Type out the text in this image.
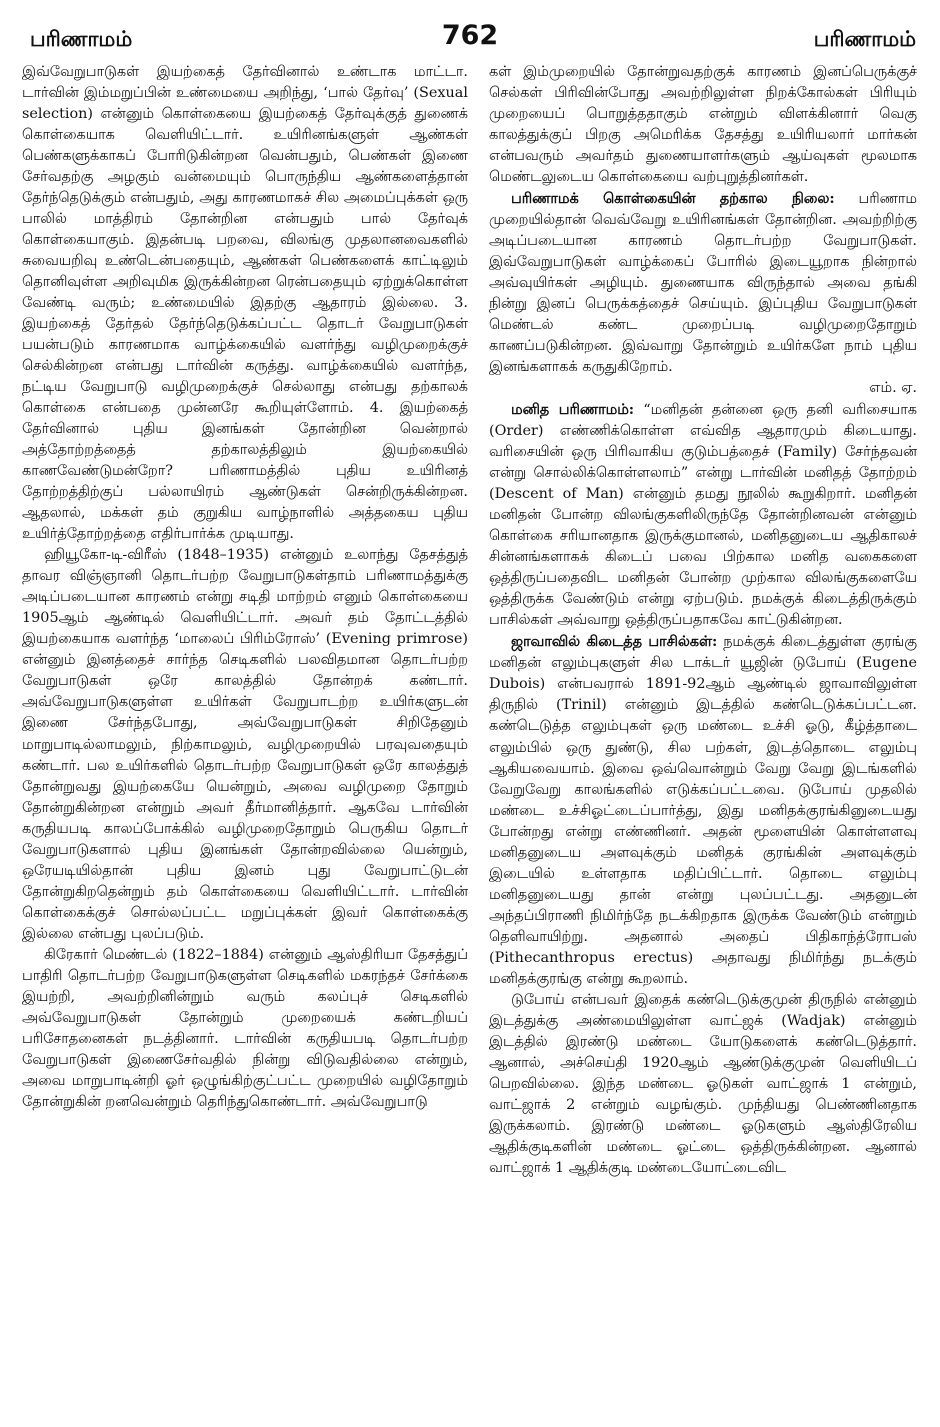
பரிணாமம்	762	பரிணாமம்

இவ்வேறுபாடுகள் இயற்கைத் தேர்வினால் உண்டாக மாட்டா. டார்வின் இம்மறுப்பின் உண்மையை அறிந்து, ‘பால் தேர்வு’ (Sexual selection) என்னும் கொள்கையை இயற்கைத் தேர்வுக்குத் துணைக் கொள்கையாக வெளியிட்டார். உயிரினங்களுள் ஆண்கள் பெண்களுக்காகப் போரிடுகின்றன வென்பதும், பெண்கள் இணை சேர்வதற்கு அழகும் வன்மையும் பொருந்திய ஆண்களைத்தான் தேர்ந்தெடுக்கும் என்பதும், அது காரணமாகச் சில அமைப்புக்கள் ஒரு பாலில் மாத்திரம் தோன்றின என்பதும் பால் தேர்வுக் கொள்கையாகும். இதன்படி பறவை, விலங்கு முதலானவைகளில் சுவையறிவு உண்டென்பதையும், ஆண்கள் பெண்களைக் காட்டிலும் தொனிவுள்ள அறிவுமிக இருக்கின்றன ரென்பதையும் ஏற்றுக்கொள்ள வேண்டி வரும்; உண்மையில் இதற்கு ஆதாரம் இல்லை. 3. இயற்கைத் தேர்தல் தேர்ந்தெடுக்கப்பட்ட தொடர் வேறுபாடுகள் பயன்படும் காரணமாக வாழ்க்கையில் வளர்ந்து வழிமுறைக்குச் செல்கின்றன என்பது டார்வின் கருத்து. வாழ்க்கையில் வளர்ந்த, நட்டிய வேறுபாடு வழிமுறைக்குச் செல்லாது என்பது தற்காலக் கொள்கை என்பதை முன்னரே கூறியுள்ளோம். 4. இயற்கைத் தேர்வினால் புதிய இனங்கள் தோன்றின வென்றால் அத்தோற்றத்தைத் தற்காலத்திலும் இயற்கையில் காணவேண்டுமன்றோ? பரிணாமத்தில் புதிய உயிரினத் தோற்றத்திற்குப் பல்லாயிரம் ஆண்டுகள் சென்றிருக்கின்றன. ஆதலால், மக்கள் தம் குறுகிய வாழ்நாளில் அத்தகைய புதிய உயிர்த்தோற்றத்தை எதிர்பார்க்க முடியாது.

ஹியூகோ-டி-விரீஸ் (1848–1935) என்னும் உலாந்து தேசத்துத் தாவர விஞ்ஞானி தொடர்பற்ற வேறுபாடுகள்தாம் பரிணாமத்துக்கு அடிப்படையான காரணம் என்று சடிதி மாற்றம் எனும் கொள்கையை 1905ஆம் ஆண்டில் வெளியிட்டார். அவர் தம் தோட்டத்தில் இயற்கையாக வளர்ந்த ‘மாலைப் பிரிம்ரோஸ்’ (Evening primrose) என்னும் இனத்தைச் சார்ந்த செடிகளில் பலவிதமான தொடர்பற்ற வேறுபாடுகள் ஒரே காலத்தில் தோன்றக் கண்டார். அவ்வேறுபாடுகளுள்ள உயிர்கள் வேறுபாடற்ற உயிர்களுடன் இணை சேர்ந்தபோது, அவ்வேறுபாடுகள் சிறிதேனும் மாறுபாடில்லாமலும், நிற்காமலும், வழிமுறையில் பரவுவதையும் கண்டார். பல உயிர்களில் தொடர்பற்ற வேறுபாடுகள் ஒரே காலத்துத் தோன்றுவது இயற்கையே யென்றும், அவை வழிமுறை தோறும் தோன்றுகின்றன என்றும் அவர் தீர்மானித்தார். ஆகவே டார்வின் கருதியபடி காலப்போக்கில் வழிமுறைதோறும் பெருகிய தொடர் வேறுபாடுகளால் புதிய இனங்கள் தோன்றவில்லை யென்றும், ஒரேயடியில்தான் புதிய இனம் புது வேறுபாட்டுடன் தோன்றுகிறதென்றும் தம் கொள்கையை வெளியிட்டார். டார்வின் கொள்கைக்குச் சொல்லப்பட்ட மறுப்புக்கள் இவர் கொள்கைக்கு இல்லை என்பது புலப்படும்.

கிரேகார் மெண்டல் (1822–1884) என்னும் ஆஸ்திரியா தேசத்துப் பாதிரி தொடர்பற்ற வேறுபாடுகளுள்ள செடிகளில் மகரந்தச் சேர்க்கை இயற்றி, அவற்றினின்றும் வரும் கலப்புச் செடிகளில் அவ்வேறுபாடுகள் தோன்றும் முறையைக் கண்டறியப் பரிசோதனைகள் நடத்தினார். டார்வின் கருதியபடி தொடர்பற்ற வேறுபாடுகள் இணைசேர்வதில் நின்று விடுவதில்லை என்றும், அவை மாறுபாடின்றி ஓர் ஒழுங்கிற்குட்பட்ட முறையில் வழிதோறும் தோன்றுகின் றனவென்றும் தெரிந்துகொண்டார். அவ்வேறுபாடு

கள் இம்முறையில் தோன்றுவதற்குக் காரணம் இனப்பெருக்குச் செல்கள் பிரிவின்போது அவற்றிலுள்ள நிறக்கோல்கள் பிரியும் முறையைப் பொறுத்ததாகும் என்றும் விளக்கினார் வெகு காலத்துக்குப் பிறகு அமெரிக்க தேசத்து உயிரியலார் மார்கன் என்பவரும் அவர்தம் துணையாளர்களும் ஆய்வுகள் மூலமாக மெண்டலுடைய கொள்கையை வற்புறுத்தினர்கள்.

பரிணாமக் கொள்கையின் தற்கால நிலை: பரிணாம முறையில்தான் வெவ்வேறு உயிரினங்கள் தோன்றின. அவற்றிற்கு அடிப்படையான காரணம் தொடர்பற்ற வேறுபாடுகள். இவ்வேறுபாடுகள் வாழ்க்கைப் போரில் இடையூறாக நின்றால் அவ்வுயிர்கள் அழியும். துணையாக விருந்தால் அவை தங்கி நின்று இனப் பெருக்கத்தைச் செய்யும். இப்புதிய வேறுபாடுகள் மெண்டல் கண்ட முறைப்படி வழிமுறைதோறும் காணப்படுகின்றன. இவ்வாறு தோன்றும் உயிர்களே நாம் புதிய இனங்களாகக் கருதுகிறோம்.

எம். ஏ.

மனித பரிணாமம்: “மனிதன் தன்னை ஒரு தனி வரிசையாக (Order) எண்ணிக்கொள்ள எவ்வித ஆதாரமும் கிடையாது. வரிசையின் ஒரு பிரிவாகிய குடும்பத்தைச் (Family) சேர்ந்தவன் என்று சொல்லிக்கொள்ளலாம்” என்று டார்வின் மனிதத் தோற்றம் (Descent of Man) என்னும் தமது நூலில் கூறுகிறார். மனிதன் மனிதன் போன்ற விலங்குகளிலிருந்தே தோன்றினவன் என்னும் கொள்கை சரியானதாக இருக்குமானல், மனிதனுடைய ஆதிகாலச் சின்னங்களாகக் கிடைப் பவை பிற்கால மனித வகைகளை ஒத்திருப்பதைவிட மனிதன் போன்ற முற்கால விலங்குகளையே ஒத்திருக்க வேண்டும் என்று ஏற்படும். நமக்குக் கிடைத்திருக்கும் பாசில்கள் அவ்வாறு ஒத்திருப்பதாகவே காட்டுகின்றன.

ஜாவாவில் கிடைத்த பாசில்கள்: நமக்குக் கிடைத்துள்ள குரங்கு மனிதன் எலும்புகளுள் சில டாக்டர் யூஜின் டுபோய் (Eugene Dubois) என்பவரால் 1891-92ஆம் ஆண்டில் ஜாவாவிலுள்ள திருநில் (Trinil) என்னும் இடத்தில் கண்டெடுக்கப்பட்டன. கண்டெடுத்த எலும்புகள் ஒரு மண்டை உச்சி ஓடு, கீழ்த்தாடை எலும்பில் ஒரு துண்டு, சில பற்கள், இடத்தொடை எலும்பு ஆகியவையாம். இவை ஒவ்வொன்றும் வேறு வேறு இடங்களில் வேறுவேறு காலங்களில் எடுக்கப்பட்டவை. டுபோய் முதலில் மண்டை உச்சிஓட்டைப்பார்த்து, இது மனிதக்குரங்கினுடையது போன்றது என்று எண்ணினர். அதன் மூளையின் கொள்ளளவு மனிதனுடைய அளவுக்கும் மனிதக் குரங்கின் அளவுக்கும் இடையில் உள்ளதாக மதிப்பிட்டார். தொடை எலும்பு மனிதனுடையது தான் என்று புலப்பட்டது. அதனுடன் அந்தப்பிராணி நிமிர்ந்தே நடக்கிறதாக இருக்க வேண்டும் என்றும் தெளிவாயிற்று. அதனால் அதைப் பிதிகாந்த்ரோபஸ் (Pithecanthropus erectus) அதாவது நிமிர்ந்து நடக்கும் மனிதக்குரங்கு என்று கூறலாம்.

டுபோய் என்பவர் இதைக் கண்டெடுக்குமுன் திருநில் என்னும் இடத்துக்கு அண்மையிலுள்ள வாட்ஜக் (Wadjak) என்னும் இடத்தில் இரண்டு மண்டை யோடுகளைக் கண்டெடுத்தார். ஆனால், அச்செய்தி 1920ஆம் ஆண்டுக்குமுன் வெளியிடப் பெறவில்லை. இந்த மண்டை ஓடுகள் வாட்ஜாக் 1 என்றும், வாட்ஜாக் 2 என்றும் வழங்கும். முந்தியது பெண்ணினதாக இருக்கலாம். இரண்டு மண்டை ஓடுகளும் ஆஸ்திரேலிய ஆதிக்குடிகளின் மண்டை ஓட்டை ஒத்திருக்கின்றன. ஆனால் வாட்ஜாக் 1 ஆதிக்குடி மண்டையோட்டைவிட
